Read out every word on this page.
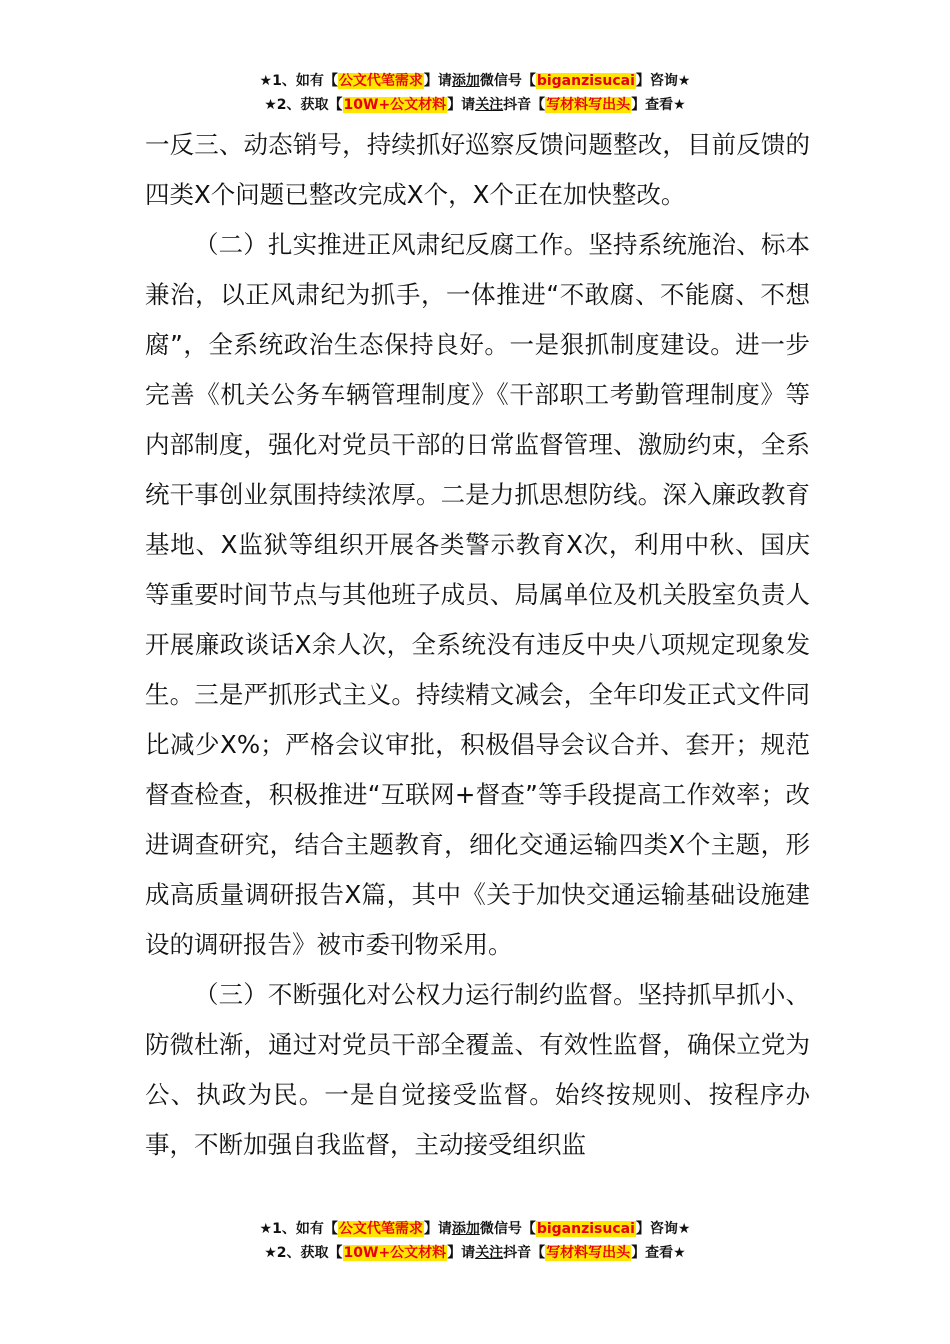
★1、如有【公文代笔需求】请添加微信号【biganzisucai】咨询★
★2、获取【10W+公文材料】请关注抖音【写材料写出头】查看★

一反三、动态销号，持续抓好巡察反馈问题整改，目前反馈的四类X个问题已整改完成X个，X个正在加快整改。

（二）扎实推进正风肃纪反腐工作。坚持系统施治、标本兼治，以正风肃纪为抓手，一体推进“不敢腐、不能腐、不想腐”，全系统政治生态保持良好。一是狠抓制度建设。进一步完善《机关公务车辆管理制度》《干部职工考勤管理制度》等内部制度，强化对党员干部的日常监督管理、激励约束，全系统干事创业氛围持续浓厚。二是力抓思想防线。深入廉政教育基地、X监狱等组织开展各类警示教育X次，利用中秋、国庆等重要时间节点与其他班子成员、局属单位及机关股室负责人开展廉政谈话X余人次，全系统没有违反中央八项规定现象发生。三是严抓形式主义。持续精文减会，全年印发正式文件同比减少X%；严格会议审批，积极倡导会议合并、套开；规范督查检查，积极推进“互联网+督查”等手段提高工作效率；改进调查研究，结合主题教育，细化交通运输四类X个主题，形成高质量调研报告X篇，其中《关于加快交通运输基础设施建设的调研报告》被市委刊物采用。

（三）不断强化对公权力运行制约监督。坚持抓早抓小、防微杜渐，通过对党员干部全覆盖、有效性监督，确保立党为公、执政为民。一是自觉接受监督。始终按规则、按程序办事，不断加强自我监督，主动接受组织监

★1、如有【公文代笔需求】请添加微信号【biganzisucai】咨询★
★2、获取【10W+公文材料】请关注抖音【写材料写出头】查看★
